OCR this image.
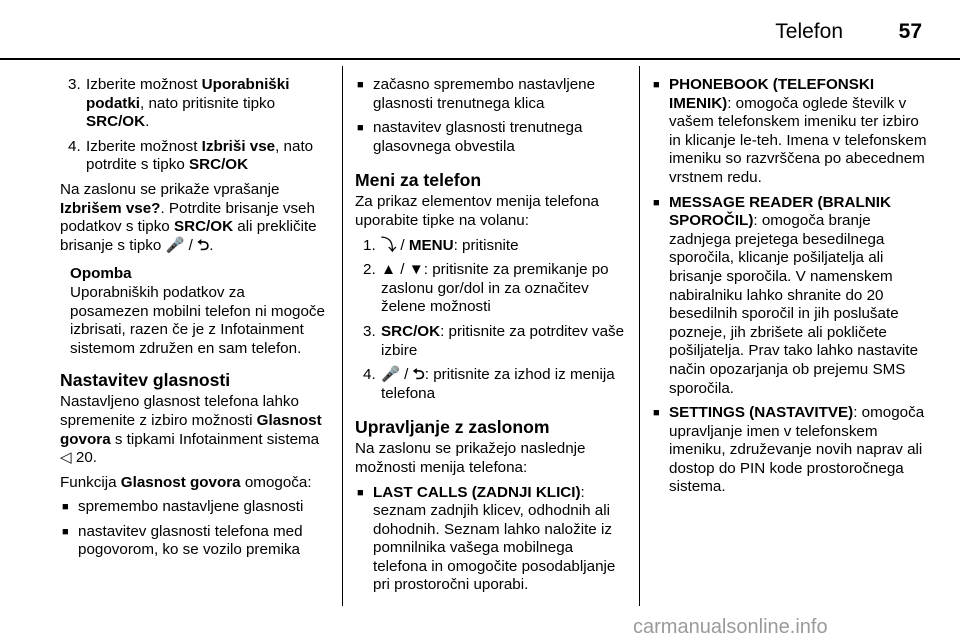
Telefon	57
3. Izberite možnost Uporabniški podatki, nato pritisnite tipko SRC/OK.
4. Izberite možnost Izbriši vse, nato potrdite s tipko SRC/OK

Na zaslonu se prikaže vprašanje Izbrišem vse?. Potrdite brisanje vseh podatkov s tipko SRC/OK ali prekličite brisanje s tipko 🎤 / ⮌.

Opomba
Uporabniških podatkov za posamezen mobilni telefon ni mogoče izbrisati, razen če je z Infotainment sistemom združen en sam telefon.
Nastavitev glasnosti

Nastavljeno glasnost telefona lahko spremenite z izbiro možnosti Glasnost govora s tipkami Infotainment sistema ◁ 20.

Funkcija Glasnost govora omogoča:

■ spremembo nastavljene glasnosti
■ nastavitev glasnosti telefona med pogovorom, ko se vozilo premika
■ začasno spremembo nastavljene glasnosti trenutnega klica
■ nastavitev glasnosti trenutnega glasovnega obvestila
Meni za telefon

Za prikaz elementov menija telefona uporabite tipke na volanu:

1. ⤵ / MENU: pritisnite
2. ▲ / ▼: pritisnite za premikanje po zaslonu gor/dol in za označitev želene možnosti
3. SRC/OK: pritisnite za potrditev vaše izbire
4. 🎤 / ⮌: pritisnite za izhod iz menija telefona
Upravljanje z zaslonom

Na zaslonu se prikažejo naslednje možnosti menija telefona:

■ LAST CALLS (ZADNJI KLICI): seznam zadnjih klicev, odhodnih ali dohodnih. Seznam lahko naložite iz pomnilnika vašega mobilnega telefona in omogočite posodabljanje pri prostoročni uporabi.
■ PHONEBOOK (TELEFONSKI IMENIK): omogoča oglede številk v vašem telefonskem imeniku ter izbiro in klicanje le-teh. Imena v telefonskem imeniku so razvrščena po abecednem vrstnem redu.
■ MESSAGE READER (BRALNIK SPOROČIL): omogoča branje zadnjega prejetega besedilnega sporočila, klicanje pošiljatelja ali brisanje sporočila. V namenskem nabiralniku lahko shranite do 20 besedilnih sporočil in jih poslušate pozneje, jih zbrišete ali pokličete pošiljatelja. Prav tako lahko nastavite način opozarjanja ob prejemu SMS sporočila.
■ SETTINGS (NASTAVITVE): omogoča upravljanje imen v telefonskem imeniku, združevanje novih naprav ali dostop do PIN kode prostoročnega sistema.
carmanualsonline.info
